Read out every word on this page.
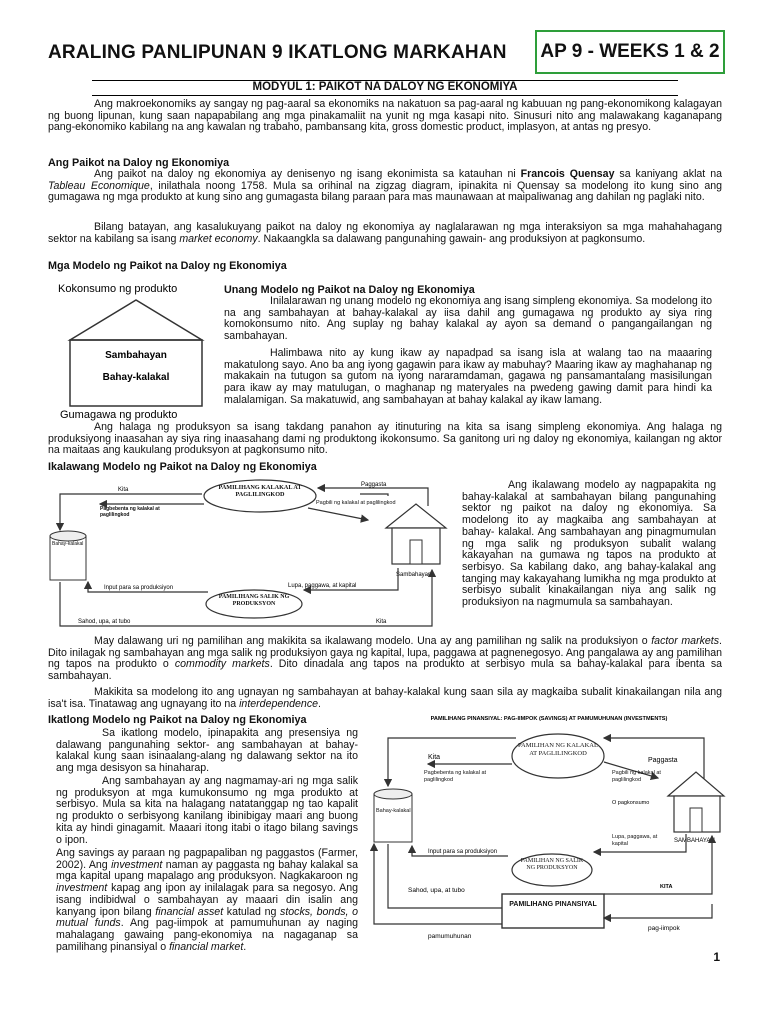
ARALING PANLIPUNAN 9 IKATLONG MARKAHAN AP 9 - WEEKS 1 & 2
MODYUL 1: PAIKOT NA DALOY NG EKONOMIYA

Ang makroekonomiks ay sangay ng pag-aaral sa ekonomiks na nakatuon sa pag-aaral ng kabuuan ng pang-ekonomikong kalagayan ng buong lipunan, kung saan napapabilang ang mga pinakamaliit na yunit ng mga kasapi nito. Sinusuri nito ang malawakang kaganapang pang-ekonomiko kabilang na ang kawalan ng trabaho, pambansang kita, gross domestic product, implasyon, at antas ng presyo.

Ang Paikot na Daloy ng Ekonomiya

Ang paikot na daloy ng ekonomiya ay denisenyo ng isang ekonimista sa katauhan ni Francois Quensay sa kaniyang aklat na Tableau Economique, inilathala noong 1758. Mula sa orihinal na zigzag diagram, ipinakita ni Quensay sa modelong ito kung sino ang gumagawa ng mga produkto at kung sino ang gumagasta bilang paraan para mas maunawaan at maipaliwanag ang dahilan ng paglaki nito.

Bilang batayan, ang kasalukuyang paikot na daloy ng ekonomiya ay naglalarawan ng mga interaksiyon sa mga mahahahagang sektor na kabilang sa isang market economy. Nakaangkla sa dalawang pangunahing gawain- ang produksiyon at pagkonsumo.

Mga Modelo ng Paikot na Daloy ng Ekonomiya
Kokonsumo ng produkto
Sambahayan
Bahay-kalakal
Gumagawa ng produkto
Unang Modelo ng Paikot na Daloy ng Ekonomiya

Inilalarawan ng unang modelo ng ekonomiya ang isang simpleng ekonomiya. Sa modelong ito na ang sambahayan at bahay-kalakal ay iisa dahil ang gumagawa ng produkto ay siya ring komokonsumo nito. Ang suplay ng bahay kalakal ay ayon sa demand o pangangailangan ng sambahayan.

Halimbawa nito ay kung ikaw ay napadpad sa isang isla at walang tao na maaaring makatulong sayo. Ano ba ang iyong gagawin para ikaw ay mabuhay? Maaring ikaw ay maghahanap ng makakain na tutugon sa gutom na iyong nararamdaman, gagawa ng pansamantalang masisilungan para ikaw ay may matulugan, o maghanap ng materyales na pwedeng gawing damit para hindi ka malalamigan. Sa makatuwid, ang sambahayan at bahay kalakal ay ikaw lamang.

Ang halaga ng produksyon sa isang takdang panahon ay itinuturing na kita sa isang simpleng ekonomiya. Ang halaga ng produksiyong inaasahan ay siya ring inaasahang dami ng produktong ikokonsumo. Sa ganitong uri ng daloy ng ekonomiya, kailangan ng aktor na maitaas ang kaukulang produksyon at pagkonsumo nito.

Ikalawang Modelo ng Paikot na Daloy ng Ekonomiya
Kita
Paggasta
PAMILIHANG KALAKAL AT PAGLILINGKOD
Pagbebenta ng kalakal at paglilingkod
Pagbili ng kalakal at paglilingkod
Bahay-kalakal
Sambahayan
PAMILIHANG SALIK NG PRODUKSYON
Input para sa produksiyon	Lupa, paggawa, at kapital
Sahod, upa, at tubo	Kita

Ang ikalawang modelo ay nagpapakita ng bahay-kalakal at sambahayan bilang pangunahing sektor ng paikot na daloy ng ekonomiya. Sa modelong ito ay magkaiba ang sambahayan at bahay- kalakal. Ang sambahayan ang pinagmumulan ng mga salik ng produksyon subalit walang kakayahan na gumawa ng tapos na produkto at serbisyo. Sa kabilang dako, ang bahay-kalakal ang tanging may kakayahang lumikha ng mga produkto at serbisyo subalit kinakailangan niya ang salik ng produksiyon na nagmumula sa sambahayan.

May dalawang uri ng pamilihan ang makikita sa ikalawang modelo. Una ay ang pamilihan ng salik na produksiyon o factor markets. Dito inilagak ng sambahayan ang mga salik ng produksiyon gaya ng kapital, lupa, paggawa at pagnenegosyo. Ang pangalawa ay ang pamilihan ng tapos na produkto o commodity markets. Dito dinadala ang tapos na produkto at serbisyo mula sa bahay-kalakal para ibenta sa sambahayan.

Makikita sa modelong ito ang ugnayan ng sambahayan at bahay-kalakal kung saan sila ay magkaiba subalit kinakailangan nila ang isa't isa. Tinatawag ang ugnayang ito na interdependence.

Ikatlong Modelo ng Paikot na Daloy ng Ekonomiya

Sa ikatlong modelo, ipinapakita ang presensiya ng dalawang pangunahing sektor- ang sambahayan at bahay-kalakal kung saan isinaalang-alang ng dalawang sektor na ito ang mga desisyon sa hinaharap.

Ang sambahayan ay ang nagmamay-ari ng mga salik ng produksyon at mga kumukonsumo ng mga produkto at serbisyo. Mula sa kita na halagang natatanggap ng tao kapalit ng produkto o serbisyong kanilang ibinibigay maari ang buong kita ay hindi ginagamit. Maaari itong itabi o itago bilang savings o ipon.

Ang savings ay paraan ng pagpapaliban ng paggastos (Farmer, 2002). Ang investment naman ay paggasta ng bahay kalakal sa mga kapital upang mapalago ang produksyon. Nagkakaroon ng investment kapag ang ipon ay inilalagak para sa negosyo. Ang isang indibidwal o sambahayan ay maaari din isalin ang kanyang ipon bilang financial asset katulad ng stocks, bonds, o mutual funds. Ang pag-iimpok at pamumuhunan ay naging mahalagang gawaing pang-ekonomiya na nagaganap sa pamilihang pinansiyal o financial market.

PAMILIHANG PINANSIYAL: PAG-IIMPOK (SAVINGS) AT PAMUMUHUNAN (INVESTMENTS)
Kita	Paggasta
PAMILIHAN NG KALAKAL AT PAGLILINGKOD
Pagbebenta ng kalakal at paglilingkod
Pagbili ng kalakal at paglilingkod
O pagkonsumo
Bahay-kalakal
Lupa, paggawa, at kapital	SAMBAHAYAN
Input para sa produksiyon
PAMILIHAN NG SALIK NG PRODUKSYON
KITA
Sahod, upa, at tubo
PAMILIHANG PINANSIYAL
pag-iimpok
pamumuhunan
1
